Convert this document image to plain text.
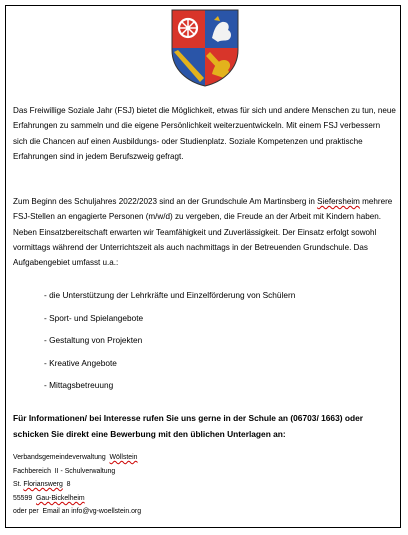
Das Freiwillige Soziale Jahr (FSJ) bietet die Möglichkeit, etwas für sich und andere Menschen zu tun, neue Erfahrungen zu sammeln und die eigene Persönlichkeit weiterzuentwickeln. Mit einem FSJ verbessern sich die Chancen auf einen Ausbildungs- oder Studienplatz. Soziale Kompetenzen und praktische Erfahrungen sind in jedem Berufszweig gefragt.

Zum Beginn des Schuljahres 2022/2023 sind an der Grundschule Am Martinsberg in Siefersheim mehrere FSJ-Stellen an engagierte Personen (m/w/d) zu vergeben, die Freude an der Arbeit mit Kindern haben. Neben Einsatzbereitschaft erwarten wir Teamfähigkeit und Zuverlässigkeit. Der Einsatz erfolgt sowohl vormittags während der Unterrichtszeit als auch nachmittags in der Betreuenden Grundschule. Das Aufgabengebiet umfasst u.a.:

- die Unterstützung der Lehrkräfte und Einzelförderung von Schülern
- Sport- und Spielangebote
- Gestaltung von Projekten
- Kreative Angebote
- Mittagsbetreuung

Für Informationen/ bei Interesse rufen Sie uns gerne in der Schule an (06703/ 1663) oder schicken Sie direkt eine Bewerbung mit den üblichen Unterlagen an:

Verbandsgemeindeverwaltung  Wöllstein
Fachbereich  II - Schulverwaltung
St. Florianswerg  8
55599  Gau-Bickelheim
oder per  Email an info@vg-woellstein.org
